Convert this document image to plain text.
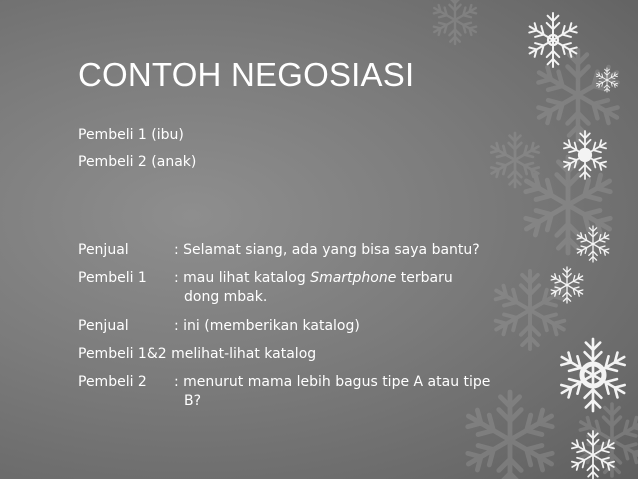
CONTOH NEGOSIASI
Pembeli 1 (ibu)
Pembeli 2 (anak)
Penjual	: Selamat siang, ada yang bisa saya bantu?
Pembeli 1 : mau lihat katalog Smartphone terbaru
dong mbak.
Penjual	: ini (memberikan katalog)
Pembeli 1&2 melihat-lihat katalog
Pembeli 2 : menurut mama lebih bagus tipe A atau tipe
B?
